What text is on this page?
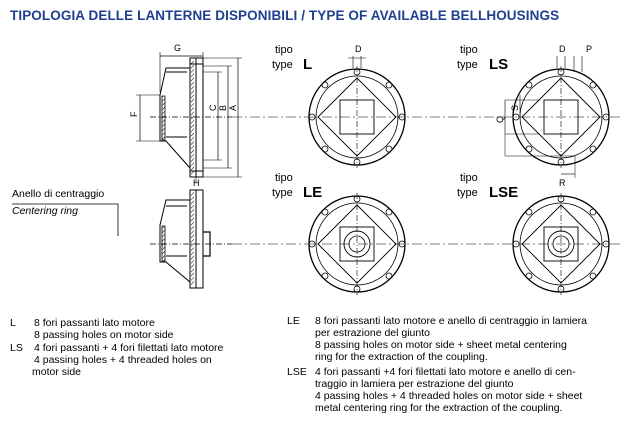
TIPOLOGIA DELLE LANTERNE DISPONIBILI / TYPE OF AVAILABLE BELLHOUSINGS
G
F
C B A
H
Anello di centraggio
Centering ring
D
tipo
type L
D P
S
Q
R
tipo
type LS
tipo
type LE
tipo
type LSE
L 8 fori passanti lato motore
8 passing holes on motor side
LS 4 fori passanti + 4 fori filettati lato motore
4 passing holes + 4 threaded holes on
motor side
LE 8 fori passanti lato motore e anello di centraggio in lamiera
per estrazione del giunto
8 passing holes on motor side + sheet metal centering
ring for the extraction of the coupling.
LSE 4 fori passanti +4 fori filettati lato motore e anello di cen-
traggio in lamiera per estrazione del giunto
4 passing holes + 4 threaded holes on motor side + sheet
metal centering ring for the extraction of the coupling.
